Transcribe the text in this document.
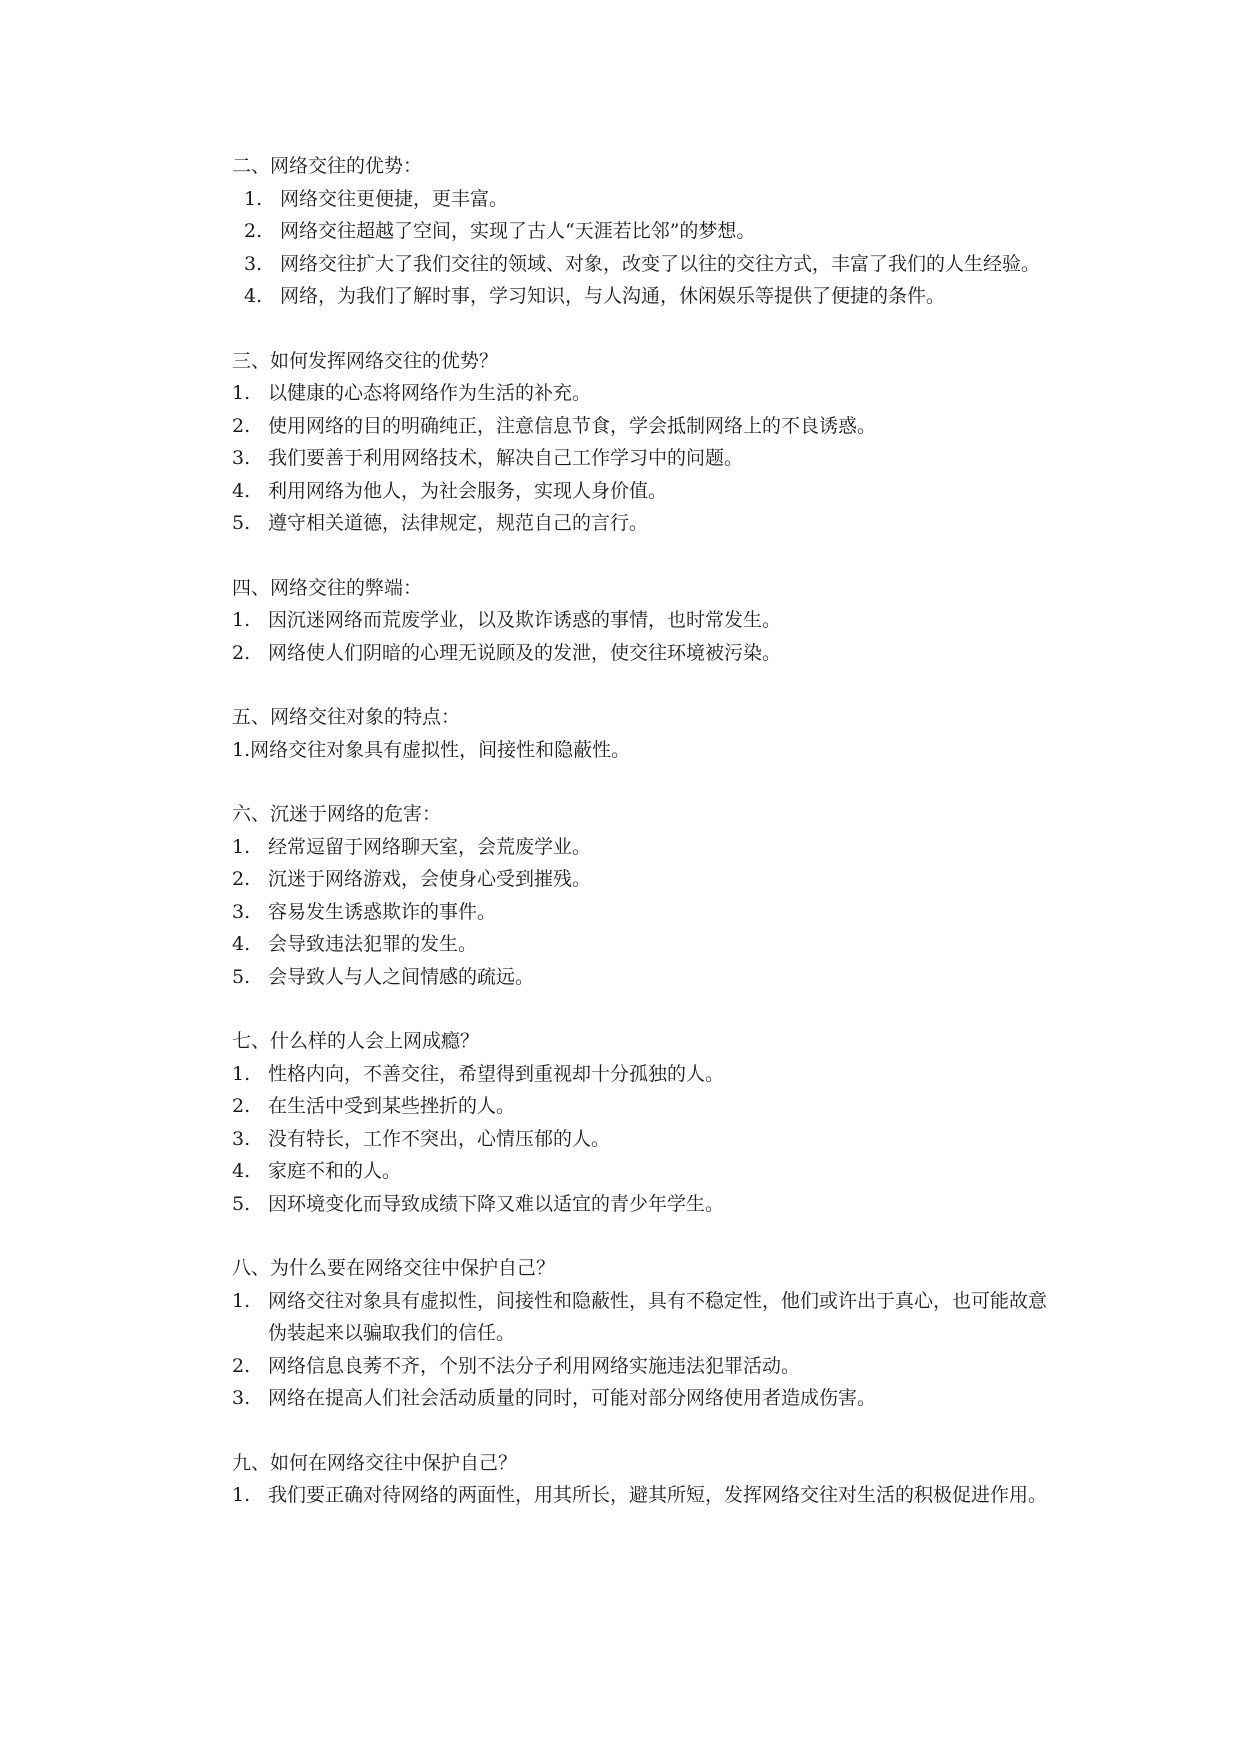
二、网络交往的优势：
1. 网络交往更便捷，更丰富。
2. 网络交往超越了空间，实现了古人“天涯若比邻”的梦想。
3. 网络交往扩大了我们交往的领域、对象，改变了以往的交往方式，丰富了我们的人生经验。
4. 网络，为我们了解时事，学习知识，与人沟通，休闲娱乐等提供了便捷的条件。
三、如何发挥网络交往的优势？
1. 以健康的心态将网络作为生活的补充。
2. 使用网络的目的明确纯正，注意信息节食，学会抵制网络上的不良诱惑。
3. 我们要善于利用网络技术，解决自己工作学习中的问题。
4. 利用网络为他人，为社会服务，实现人身价值。
5. 遵守相关道德，法律规定，规范自己的言行。
四、网络交往的弊端：
1. 因沉迷网络而荒废学业，以及欺诈诱惑的事情，也时常发生。
2. 网络使人们阴暗的心理无说顾及的发泄，使交往环境被污染。
五、网络交往对象的特点：
1.网络交往对象具有虚拟性，间接性和隐蔽性。
六、沉迷于网络的危害：
1. 经常逗留于网络聊天室，会荒废学业。
2. 沉迷于网络游戏，会使身心受到摧残。
3. 容易发生诱惑欺诈的事件。
4. 会导致违法犯罪的发生。
5. 会导致人与人之间情感的疏远。
七、什么样的人会上网成瘾？
1. 性格内向，不善交往，希望得到重视却十分孤独的人。
2. 在生活中受到某些挫折的人。
3. 没有特长，工作不突出，心情压郁的人。
4. 家庭不和的人。
5. 因环境变化而导致成绩下降又难以适宜的青少年学生。
八、为什么要在网络交往中保护自己？
1. 网络交往对象具有虚拟性，间接性和隐蔽性，具有不稳定性，他们或许出于真心，也可能故意伪装起来以骗取我们的信任。
2. 网络信息良莠不齐，个别不法分子利用网络实施违法犯罪活动。
3. 网络在提高人们社会活动质量的同时，可能对部分网络使用者造成伤害。
九、如何在网络交往中保护自己？
1. 我们要正确对待网络的两面性，用其所长，避其所短，发挥网络交往对生活的积极促进作用。
